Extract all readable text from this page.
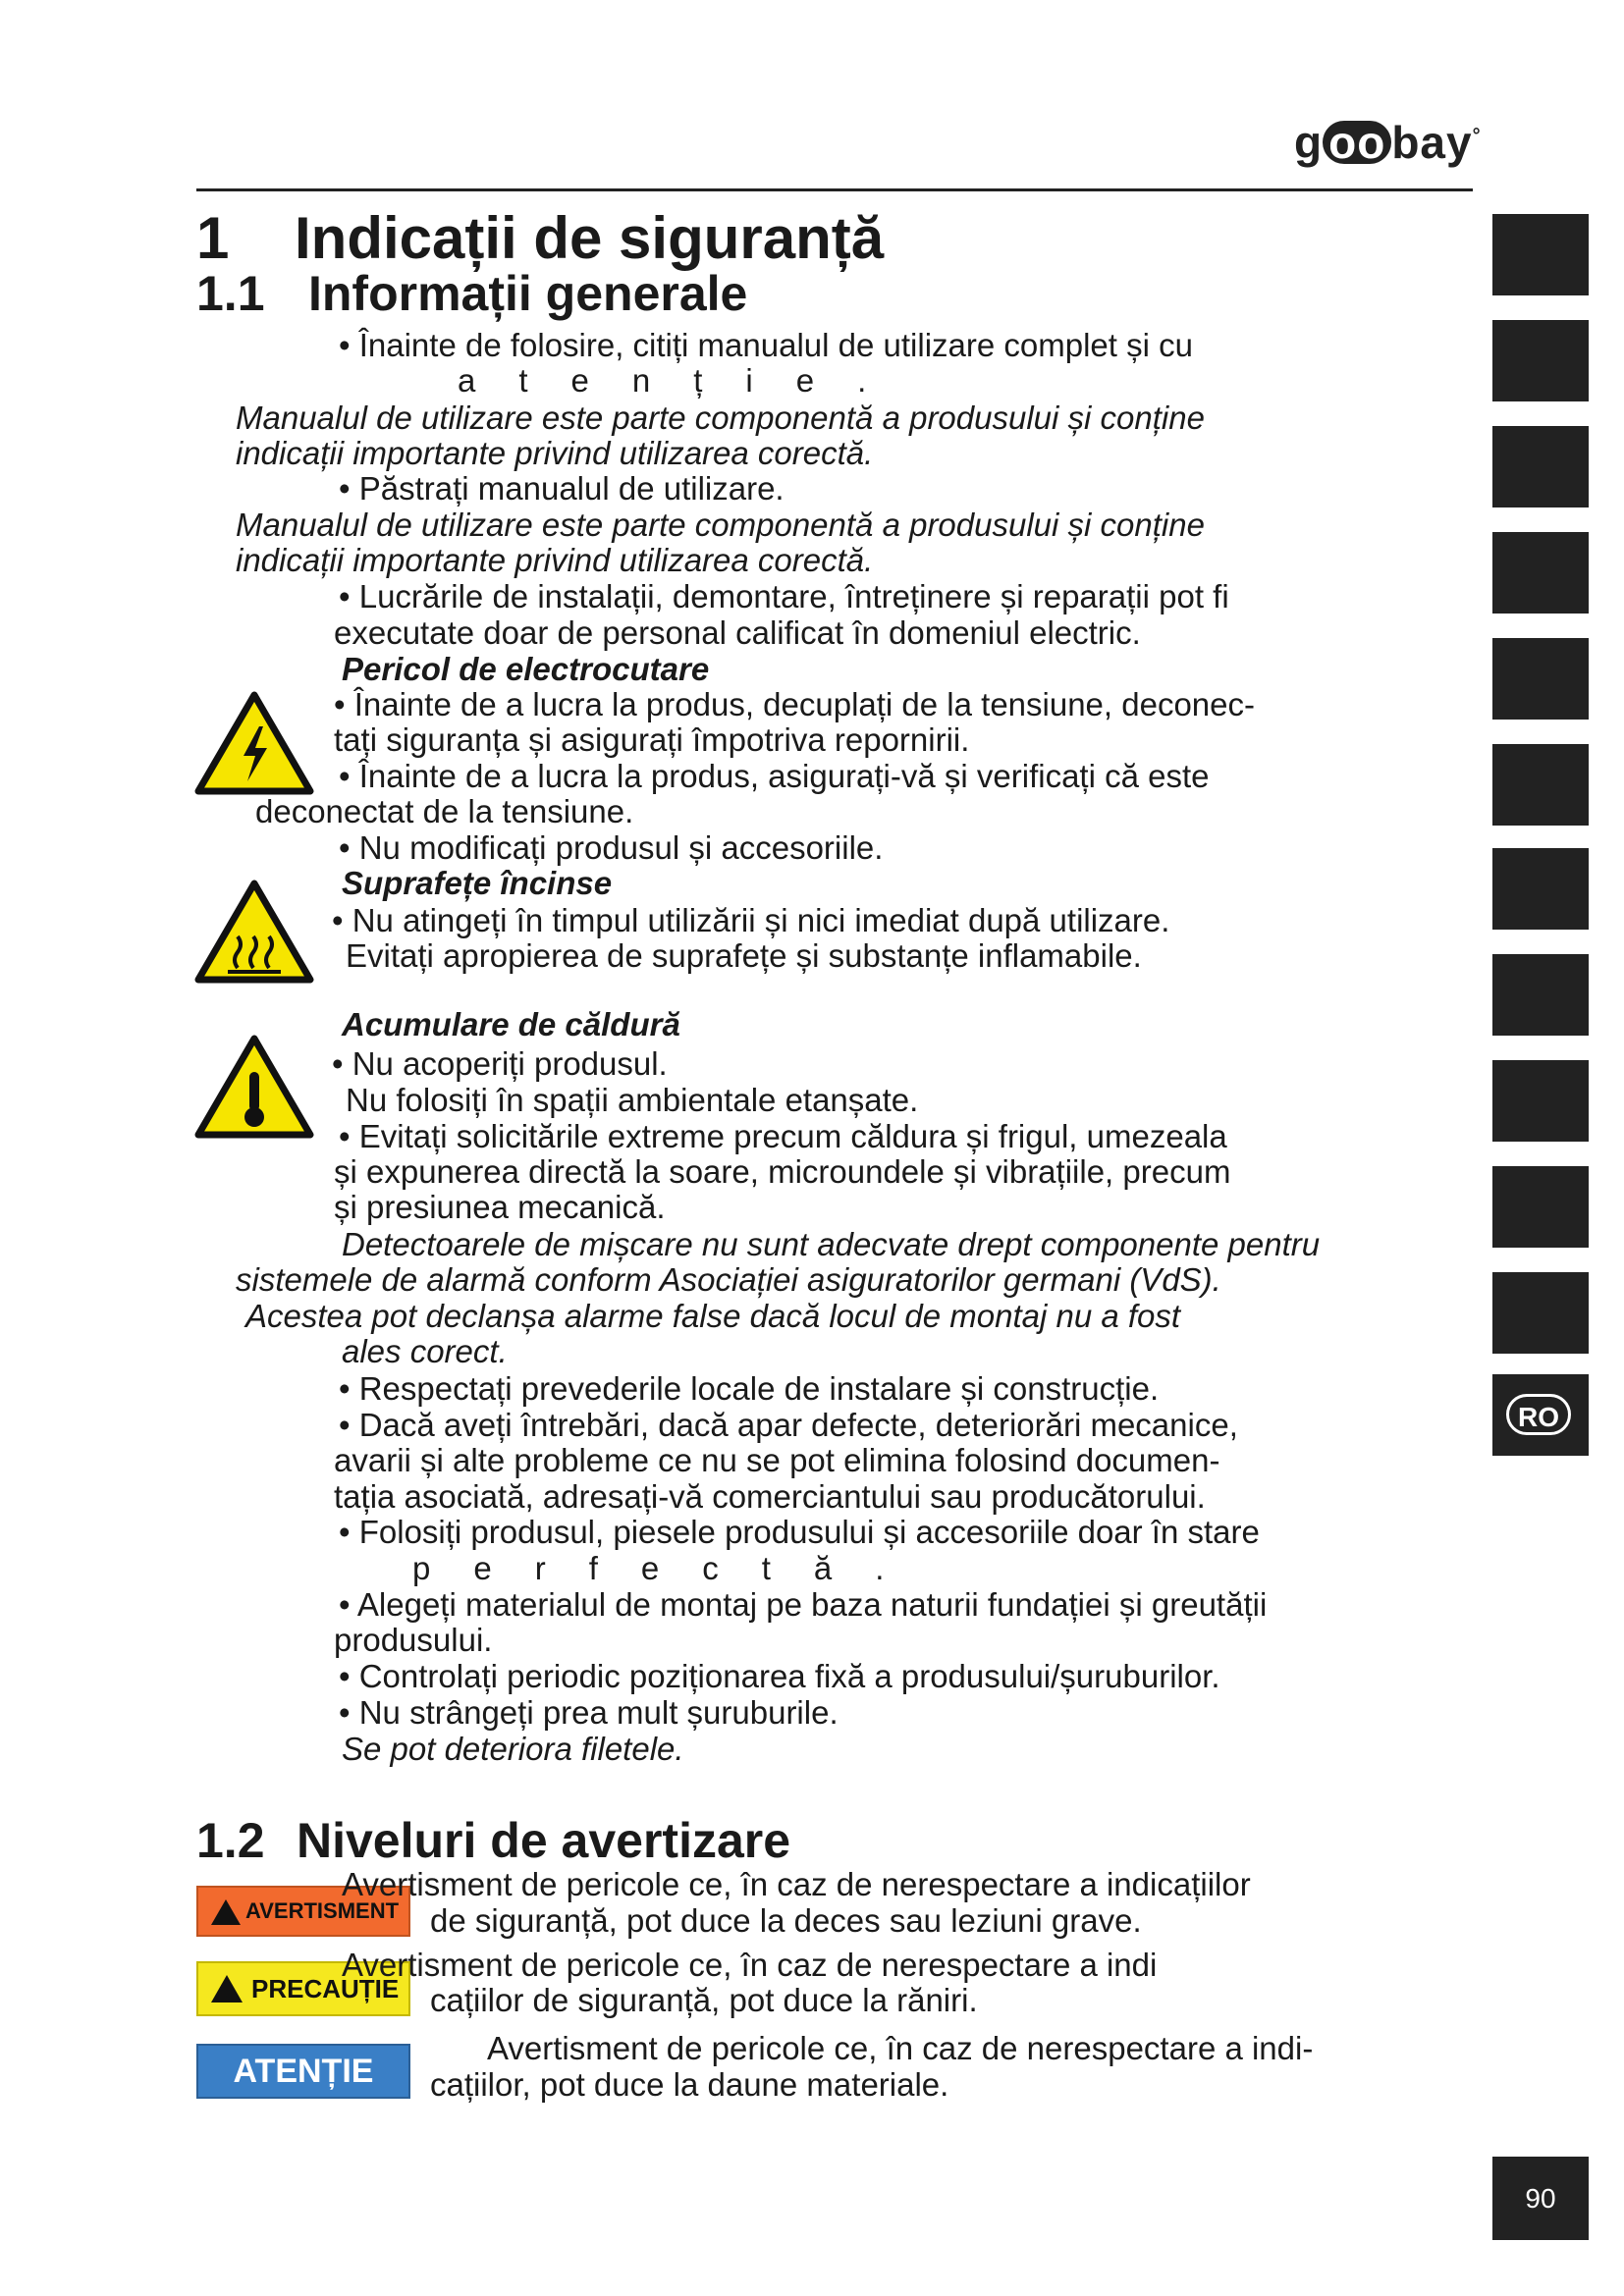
g oo bay°
1 Indicații de siguranță
1.1 Informații generale
• Înainte de folosire, citiți manualul de utilizare complet și cu
atenție.
Manualul de utilizare este parte componentă a produsului și conține
indicații importante privind utilizarea corectă.
• Păstrați manualul de utilizare.
Manualul de utilizare este parte componentă a produsului și conține
indicații importante privind utilizarea corectă.
• Lucrările de instalații, demontare, întreținere și reparații pot fi
executate doar de personal calificat în domeniul electric.
Pericol de electrocutare
• Înainte de a lucra la produs, decuplați de la tensiune, deconec-
tați siguranța și asigurați împotriva repornirii.
• Înainte de a lucra la produs, asigurați-vă și verificați că este
deconectat de la tensiune.
• Nu modificați produsul și accesoriile.
Suprafețe încinse
• Nu atingeți în timpul utilizării și nici imediat după utilizare.
Evitați apropierea de suprafețe și substanțe inflamabile.
Acumulare de căldură
• Nu acoperiți produsul.
Nu folosiți în spații ambientale etanșate.
• Evitați solicitările extreme precum căldura și frigul, umezeala
și expunerea directă la soare, microundele și vibrațiile, precum
și presiunea mecanică.
Detectoarele de mișcare nu sunt adecvate drept componente pentru
sistemele de alarmă conform Asociației asiguratorilor germani (VdS).
Acestea pot declanșa alarme false dacă locul de montaj nu a fost
ales corect.
• Respectați prevederile locale de instalare și construcție.
• Dacă aveți întrebări, dacă apar defecte, deteriorări mecanice,
avarii și alte probleme ce nu se pot elimina folosind documen-
tația asociată, adresați-vă comerciantului sau producătorului.
• Folosiți produsul, piesele produsului și accesoriile doar în stare
perfectă.
• Alegeți materialul de montaj pe baza naturii fundației și greutății
produsului.
• Controlați periodic poziționarea fixă a produsului/șuruburilor.
• Nu strângeți prea mult șuruburile.
Se pot deteriora filetele.
1.2 Niveluri de avertizare
AVERTISMENT
Avertisment de pericole ce, în caz de nerespectare a indicațiilor
de siguranță, pot duce la deces sau leziuni grave.
PRECAUȚIE
Avertisment de pericole ce, în caz de nerespectare a indi
cațiilor de siguranță, pot duce la răniri.
ATENȚIE
Avertisment de pericole ce, în caz de nerespectare a indi-
cațiilor, pot duce la daune materiale.
RO
90
